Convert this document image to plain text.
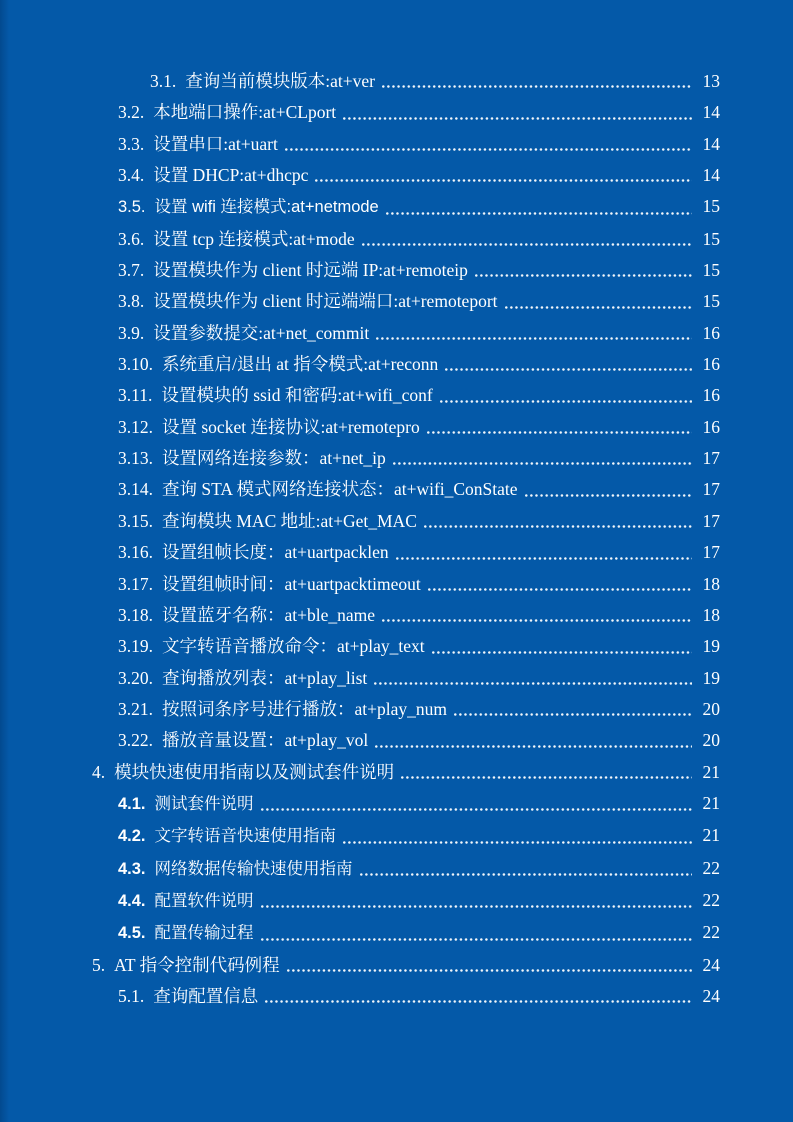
3.1. 查询当前模块版本:at+ver	13
3.2. 本地端口操作:at+CLport	14
3.3. 设置串口:at+uart	14
3.4. 设置 DHCP:at+dhcpc	14
3.5. 设置 wifi 连接模式:at+netmode	15
3.6. 设置 tcp 连接模式:at+mode	15
3.7. 设置模块作为 client 时远端 IP:at+remoteip	15
3.8. 设置模块作为 client 时远端端口:at+remoteport	15
3.9. 设置参数提交:at+net_commit	16
3.10. 系统重启/退出 at 指令模式:at+reconn	16
3.11. 设置模块的 ssid 和密码:at+wifi_conf	16
3.12. 设置 socket 连接协议:at+remotepro	16
3.13. 设置网络连接参数：at+net_ip	17
3.14. 查询 STA 模式网络连接状态：at+wifi_ConState	17
3.15. 查询模块 MAC 地址:at+Get_MAC	17
3.16. 设置组帧长度：at+uartpacklen	17
3.17. 设置组帧时间：at+uartpacktimeout	18
3.18. 设置蓝牙名称：at+ble_name	18
3.19. 文字转语音播放命令：at+play_text	19
3.20. 查询播放列表：at+play_list	19
3.21. 按照词条序号进行播放：at+play_num	20
3.22. 播放音量设置：at+play_vol	20
4. 模块快速使用指南以及测试套件说明	21
4.1. 测试套件说明	21
4.2. 文字转语音快速使用指南	21
4.3. 网络数据传输快速使用指南	22
4.4. 配置软件说明	22
4.5. 配置传输过程	22
5. AT 指令控制代码例程	24
5.1. 查询配置信息	24
